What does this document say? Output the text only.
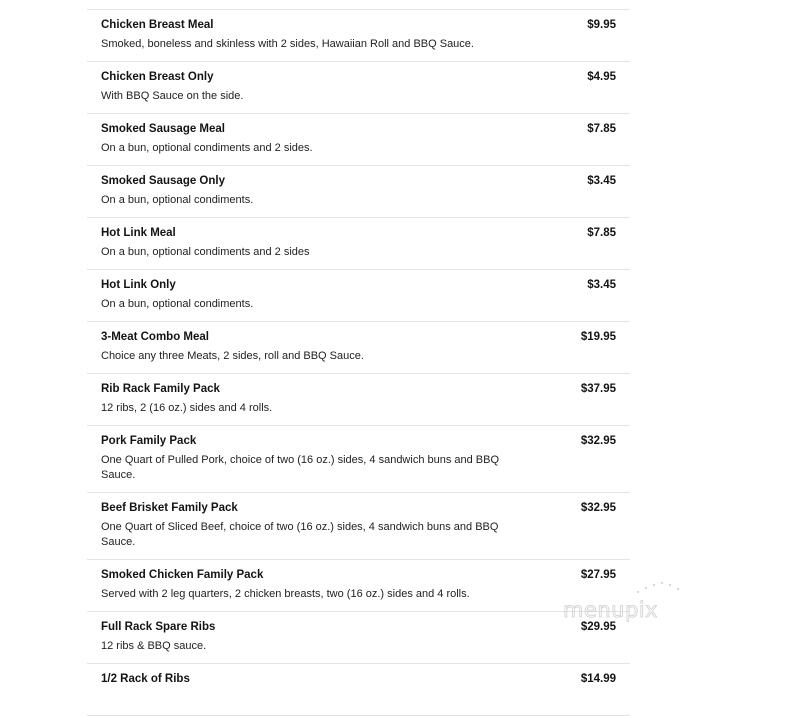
Chicken Breast Meal	$9.95
Smoked, boneless and skinless with 2 sides, Hawaiian Roll and BBQ Sauce.
Chicken Breast Only	$4.95
With BBQ Sauce on the side.
Smoked Sausage Meal	$7.85
On a bun, optional condiments and 2 sides.
Smoked Sausage Only	$3.45
On a bun, optional condiments.
Hot Link Meal	$7.85
On a bun, optional condiments and 2 sides
Hot Link Only	$3.45
On a bun, optional condiments.
3-Meat Combo Meal	$19.95
Choice any three Meats, 2 sides, roll and BBQ Sauce.
Rib Rack Family Pack	$37.95
12 ribs, 2 (16 oz.) sides and 4 rolls.
Pork Family Pack	$32.95
One Quart of Pulled Pork, choice of two (16 oz.) sides, 4 sandwich buns and BBQ Sauce.
Beef Brisket Family Pack	$32.95
One Quart of Sliced Beef, choice of two (16 oz.) sides, 4 sandwich buns and BBQ Sauce.
Smoked Chicken Family Pack	$27.95
Served with 2 leg quarters, 2 chicken breasts, two (16 oz.) sides and 4 rolls.
Full Rack Spare Ribs	$29.95
12 ribs & BBQ sauce.
1/2 Rack of Ribs	$14.99
menupix
